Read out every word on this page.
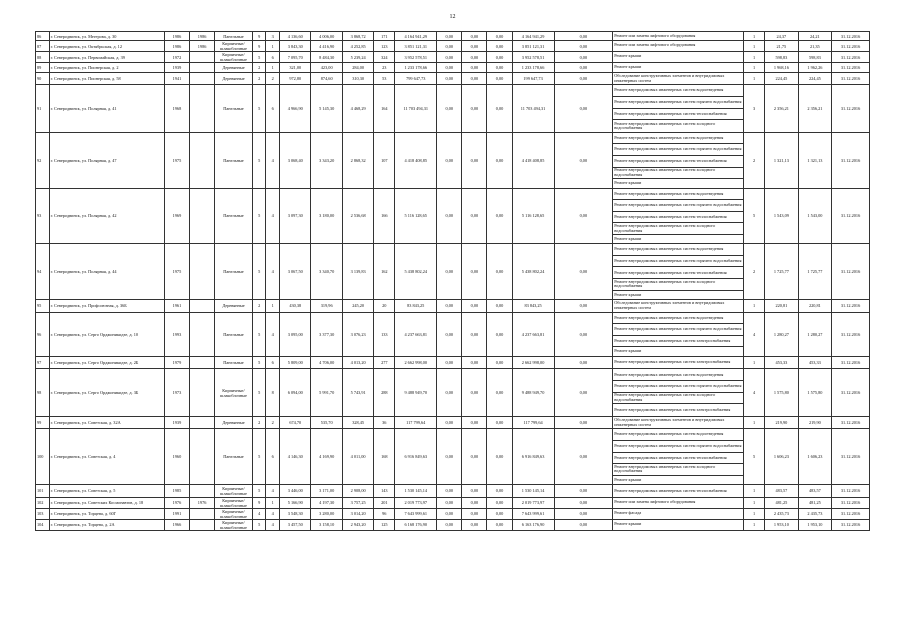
12
86	г. Северодвинск, ул. Мегерова, д. 30	1986	1986	Панельные	9	3	4 136,60	4 006,00	3 868,72	171	4 164 941,29	0,00	0,00	0,00	4 164 941,29	0,00	Ремонт или замена лифтового оборудования	1	24,37	24,21	31.12.2016
87	г. Северодвинск, ул. Октябрьская, д. 12	1986	1986	Кирпичные/ шлакоблочные	9	1	3 843,30	4 416,90	4 252,85	123	3 851 121,31	0,00	0,00	0,00	3 851 121,31	0,00	Ремонт или замена лифтового оборудования	1	21,75	21,35	31.12.2016
88	г. Северодвинск, ул. Первомайская, д. 39	1972		Кирпичные/ шлакоблочные	5	6	7 095,70	8 484,30	5 239,24	324	3 952 578,51	0,00	0,00	0,00	3 952 578,51	0,00	Ремонт крыши	1	598,83	598,83	31.12.2016
89	г. Северодвинск, ул. Пионерская, д. 2	1939		Деревянные	2	1	321,00	423,00	284,00	23	1 233 178,66	0,00	0,00	0,00	1 233 178,66	0,00	Ремонт крыши	1	1 968,16	1 962,26	31.12.2016
90	г. Северодвинск, ул. Пионерская, д. 58	1941		Деревянные	2	2	972,80	874,60	310,30	53	799 647,73	0,00	0,00	0,00	199 647,73	0,00	Обследование конструктивных элементов и внутридомовых инженерных систем	1	224,45	224,45	31.12.2016
91	г. Северодвинск, ул. Полярная, д. 41	1968		Панельные	5	6	4 966,90	5 145,30	4 468,29	164	11 703 494,31	0,00	0,00	0,00	11 703 494,31	0,00	Ремонт внутридомовых инженерных систем водоотведения
Ремонт внутридомовых инженерных систем горячего водоснабжения
Ремонт внутридомовых инженерных систем теплоснабжения
Ремонт внутридомовых инженерных систем холодного водоснабжения	3	2 356,21	2 356,21	31.12.2016
92	г. Северодвинск, ул. Полярная, д. 47	1975		Панельные	5	4	3 068,40	3 343,20	2 868,32	107	4 418 408,85	0,00	0,00	0,00	4 418 408,85	0,00	Ремонт внутридомовых инженерных систем водоотведения
Ремонт внутридомовых инженерных систем горячего водоснабжения
Ремонт внутридомовых инженерных систем теплоснабжения
Ремонт внутридомовых инженерных систем холодного водоснабжения
Ремонт крыши	2	1 321,13	1 321,13	31.12.2016
93	г. Северодвинск, ул. Полярная, д. 42	1969		Панельные	5	4	3 097,30	3 180,00	2 536,68	166	5 116 128,65	0,00	0,00	0,00	5 116 128,65	0,00	Ремонт внутридомовых инженерных систем водоотведения
Ремонт внутридомовых инженерных систем горячего водоснабжения
Ремонт внутридомовых инженерных систем теплоснабжения
Ремонт внутридомовых инженерных систем холодного водоснабжения
Ремонт крыши	5	1 543,09	1 543,00	31.12.2016
94	г. Северодвинск, ул. Полярная, д. 44	1975		Панельные	5	4	3 067,50	3 340,70	3 139,83	162	5 438 802,24	0,00	0,00	0,00	5 438 802,24	0,00	Ремонт внутридомовых инженерных систем водоотведения
Ремонт внутридомовых инженерных систем горячего водоснабжения
Ремонт внутридомовых инженерных систем теплоснабжения
Ремонт внутридомовых инженерных систем холодного водоснабжения
Ремонт крыши	2	1 725,77	1 725,77	31.12.2016
95	г. Северодвинск, ул. Профсоюзная, д. 36Б	1961		Деревянные	2	1	430,38	319,96	245,20	20	83 843,25	0,00	0,00	0,00	83 843,25	0,00	Обследование конструктивных элементов и внутридомовых инженерных систем	1	220,81	220,81	31.12.2016
96	г. Северодвинск, ул. Серго Орджоникидзе, д. 10	1993		Панельные	5	4	3 095,00	3 377,30	3 076,23	133	4 237 663,81	0,00	0,00	0,00	4 237 663,81	0,00	Ремонт внутридомовых инженерных систем водоотведения
Ремонт внутридомовых инженерных систем горячего водоснабжения
Ремонт внутридомовых инженерных систем электроснабжения
Ремонт крыши	4	1 280,27	1 280,27	31.12.2016
97	г. Северодвинск, ул. Серго Орджоникидзе, д. 2Б	1979		Панельные	5	6	5 809,00	4 706,00	4 013,20	277	2 662 998,00	0,00	0,00	0,00	2 662 998,00	0,00	Ремонт внутридомовых инженерных систем электроснабжения	1	453,33	453,33	31.12.2016
98	г. Северодвинск, ул. Серго Орджоникидзе, д. 3Б	1973		Кирпичные/ шлакоблочные	5	8	6 094,00	5 991,70	5 743,91	288	9 488 949,70	0,00	0,00	0,00	9 488 949,70	0,00	Ремонт внутридомовых инженерных систем водоотведения
Ремонт внутридомовых инженерных систем горячего водоснабжения
Ремонт внутридомовых инженерных систем холодного водоснабжения
Ремонт внутридомовых инженерных систем электроснабжения	4	1 575,80	1 575,80	31.12.2016
99	г. Северодвинск, ул. Советская, д. 32А	1939		Деревянные	2	2	674,70	535,70	328,45	36	117 799,64	0,00	0,00	0,00	117 799,64	0,00	Обследование конструктивных элементов и внутридомовых инженерных систем	1	219,90	219,90	31.12.2016
100	г. Северодвинск, ул. Советская, д. 4	1960		Панельные	5	6	4 146,30	4 169,90	4 011,00	168	6 916 849,63	0,00	0,00	0,00	6 916 849,63	0,00	Ремонт внутридомовых инженерных систем водоотведения
Ремонт внутридомовых инженерных систем горячего водоснабжения
Ремонт внутридомовых инженерных систем теплоснабжения
Ремонт внутридомовых инженерных систем холодного водоснабжения
Ремонт крыши	5	1 606,23	1 606,23	31.12.2016
101	г. Северодвинск, ул. Советская, д. 5	1985		Кирпичные/ шлакоблочные	5	4	3 446,00	3 171,00	2 908,00	143	1 530 145,14	0,00	0,00	0,00	1 530 145,14	0,00	Ремонт внутридомовых инженерных систем теплоснабжения	1	483,57	483,57	31.12.2016
102	г. Северодвинск, ул. Советских Космонавтов, д. 18	1976	1976	Кирпичные/ шлакоблочные	9	1	5 166,90	4 197,30	3 757,25	201	2 019 773,97	0,00	0,00	0,00	2 019 773,97	0,00	Ремонт или замена лифтового оборудования	1	481,25	481,25	31.12.2016
103	г. Северодвинск, ул. Торцева, д. 60Г	1991		Кирпичные/ шлакоблочные	4	4	3 548,30	3 280,00	3 014,20	96	7 643 999,61	0,00	0,00	0,00	7 643 999,61	0,00	Ремонт фасада	1	2 435,73	2 435,73	31.12.2016
104	г. Северодвинск, ул. Торцева, д. 2А	1966		Кирпичные/ шлакоблочные	5	4	3 457,50	3 158,10	2 943,20	125	6 168 176,90	0,00	0,00	0,00	6 163 176,90	0,00	Ремонт крыши	1	1 953,10	1 953,10	31.12.2016
